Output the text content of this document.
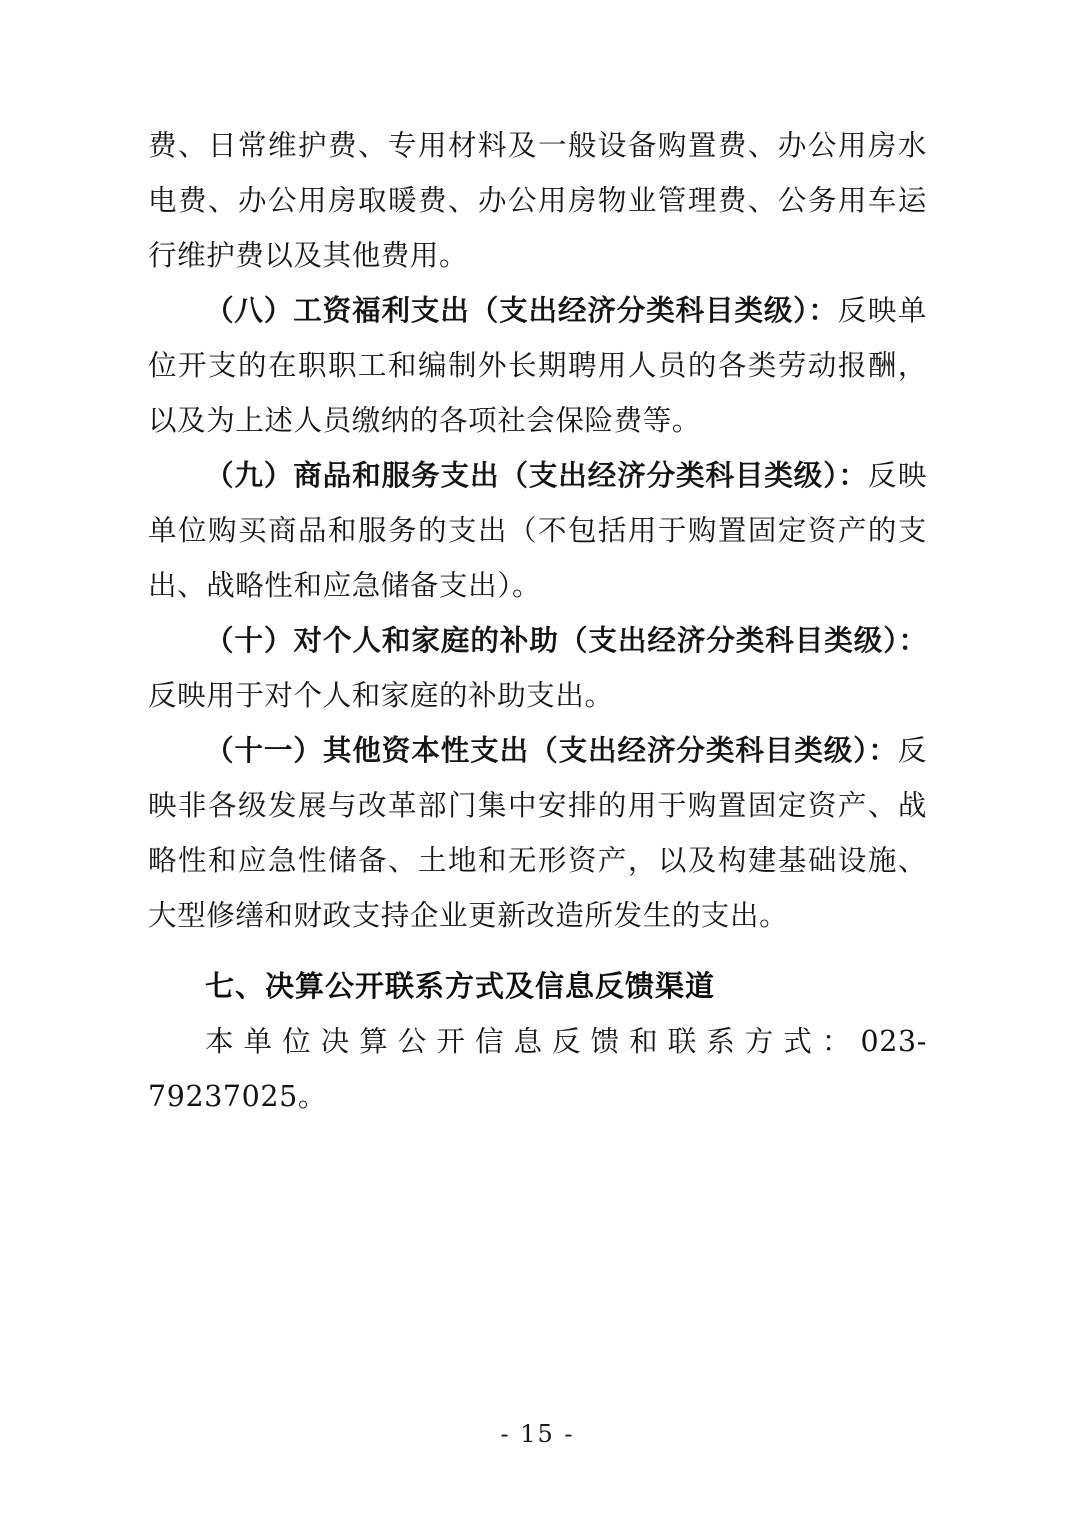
费、日常维护费、专用材料及一般设备购置费、办公用房水电费、办公用房取暖费、办公用房物业管理费、公务用车运行维护费以及其他费用。

（八）工资福利支出（支出经济分类科目类级）：反映单位开支的在职职工和编制外长期聘用人员的各类劳动报酬，以及为上述人员缴纳的各项社会保险费等。

（九）商品和服务支出（支出经济分类科目类级）：反映单位购买商品和服务的支出（不包括用于购置固定资产的支出、战略性和应急储备支出）。

（十）对个人和家庭的补助（支出经济分类科目类级）：反映用于对个人和家庭的补助支出。

（十一）其他资本性支出（支出经济分类科目类级）：反映非各级发展与改革部门集中安排的用于购置固定资产、战略性和应急性储备、土地和无形资产，以及构建基础设施、大型修缮和财政支持企业更新改造所发生的支出。

七、决算公开联系方式及信息反馈渠道

本单位决算公开信息反馈和联系方式：023-79237025。

- 15 -
